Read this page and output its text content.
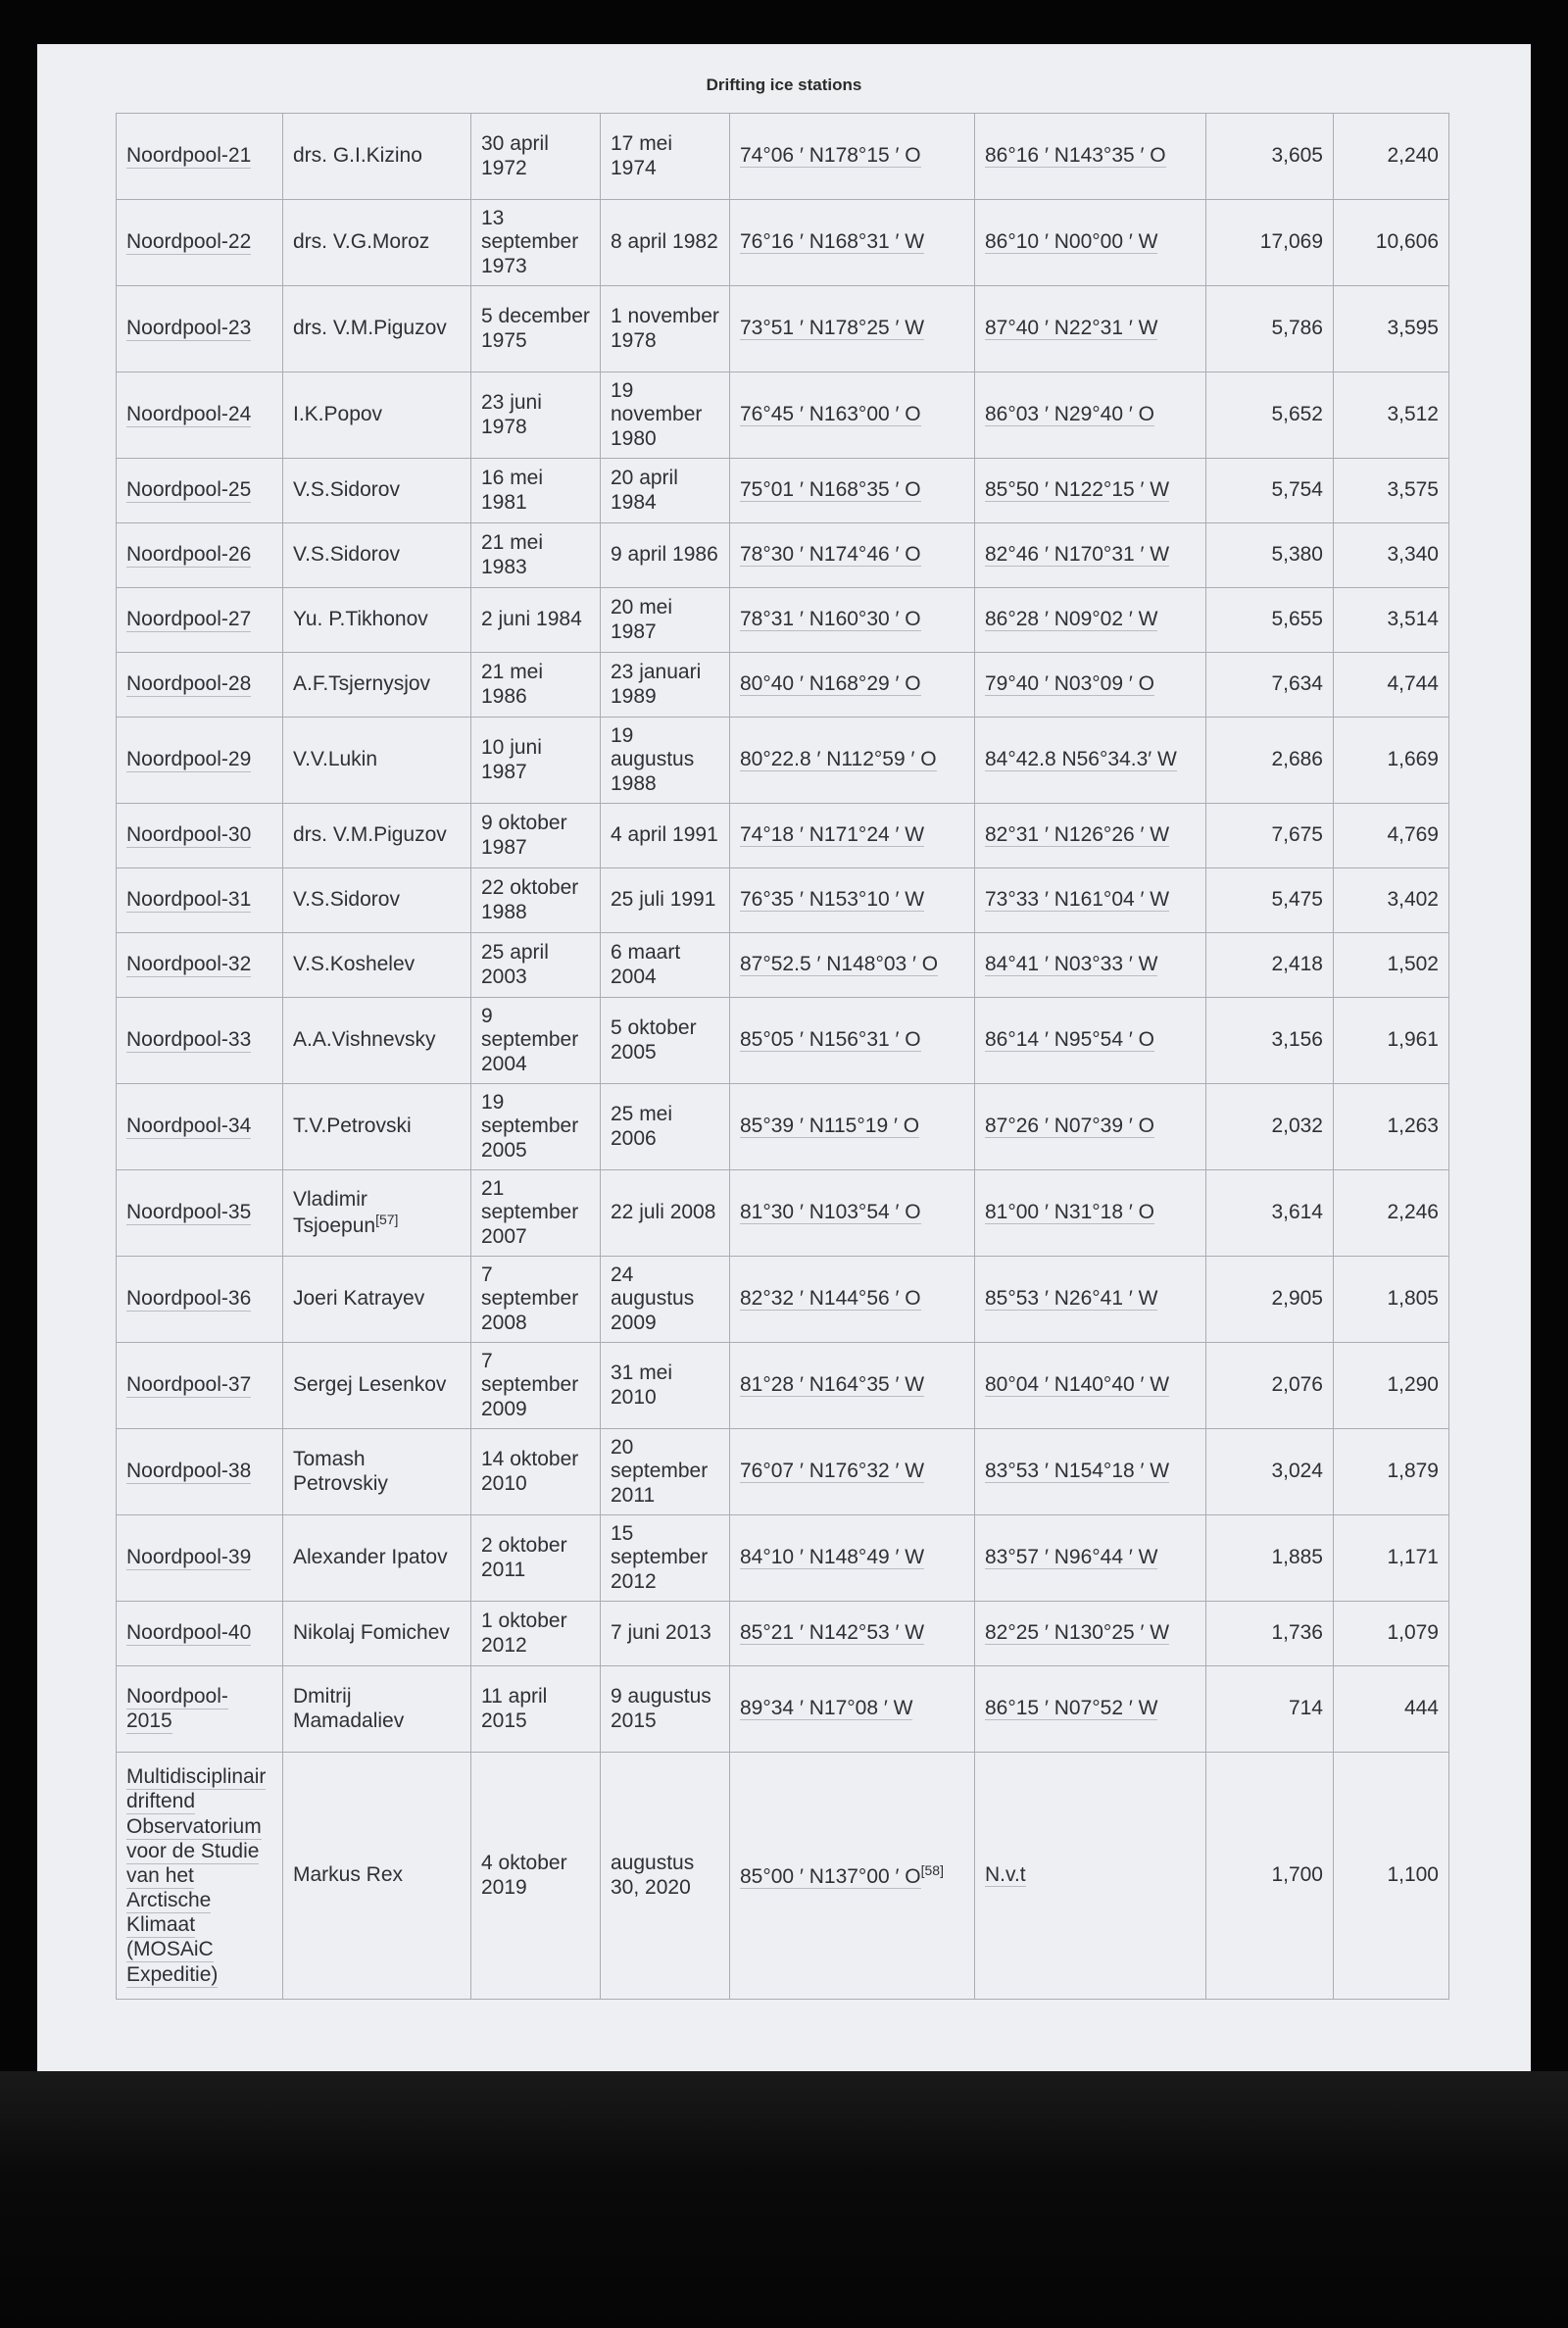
Drifting ice stations
Noordpool-21	drs. G.I.Kizino	30 april 1972	17 mei 1974	74°06 ′ N178°15 ′ O	86°16 ′ N143°35 ′ O	3,605	2,240
Noordpool-22	drs. V.G.Moroz	13 september 1973	8 april 1982	76°16 ′ N168°31 ′ W	86°10 ′ N00°00 ′ W	17,069	10,606
Noordpool-23	drs. V.M.Piguzov	5 december 1975	1 november 1978	73°51 ′ N178°25 ′ W	87°40 ′ N22°31 ′ W	5,786	3,595
Noordpool-24	I.K.Popov	23 juni 1978	19 november 1980	76°45 ′ N163°00 ′ O	86°03 ′ N29°40 ′ O	5,652	3,512
Noordpool-25	V.S.Sidorov	16 mei 1981	20 april 1984	75°01 ′ N168°35 ′ O	85°50 ′ N122°15 ′ W	5,754	3,575
Noordpool-26	V.S.Sidorov	21 mei 1983	9 april 1986	78°30 ′ N174°46 ′ O	82°46 ′ N170°31 ′ W	5,380	3,340
Noordpool-27	Yu. P.Tikhonov	2 juni 1984	20 mei 1987	78°31 ′ N160°30 ′ O	86°28 ′ N09°02 ′ W	5,655	3,514
Noordpool-28	A.F.Tsjernysjov	21 mei 1986	23 januari 1989	80°40 ′ N168°29 ′ O	79°40 ′ N03°09 ′ O	7,634	4,744
Noordpool-29	V.V.Lukin	10 juni 1987	19 augustus 1988	80°22.8 ′ N112°59 ′ O	84°42.8 N56°34.3′ W	2,686	1,669
Noordpool-30	drs. V.M.Piguzov	9 oktober 1987	4 april 1991	74°18 ′ N171°24 ′ W	82°31 ′ N126°26 ′ W	7,675	4,769
Noordpool-31	V.S.Sidorov	22 oktober 1988	25 juli 1991	76°35 ′ N153°10 ′ W	73°33 ′ N161°04 ′ W	5,475	3,402
Noordpool-32	V.S.Koshelev	25 april 2003	6 maart 2004	87°52.5 ′ N148°03 ′ O	84°41 ′ N03°33 ′ W	2,418	1,502
Noordpool-33	A.A.Vishnevsky	9 september 2004	5 oktober 2005	85°05 ′ N156°31 ′ O	86°14 ′ N95°54 ′ O	3,156	1,961
Noordpool-34	T.V.Petrovski	19 september 2005	25 mei 2006	85°39 ′ N115°19 ′ O	87°26 ′ N07°39 ′ O	2,032	1,263
Noordpool-35	Vladimir Tsjoepun[57]	21 september 2007	22 juli 2008	81°30 ′ N103°54 ′ O	81°00 ′ N31°18 ′ O	3,614	2,246
Noordpool-36	Joeri Katrayev	7 september 2008	24 augustus 2009	82°32 ′ N144°56 ′ O	85°53 ′ N26°41 ′ W	2,905	1,805
Noordpool-37	Sergej Lesenkov	7 september 2009	31 mei 2010	81°28 ′ N164°35 ′ W	80°04 ′ N140°40 ′ W	2,076	1,290
Noordpool-38	Tomash Petrovskiy	14 oktober 2010	20 september 2011	76°07 ′ N176°32 ′ W	83°53 ′ N154°18 ′ W	3,024	1,879
Noordpool-39	Alexander Ipatov	2 oktober 2011	15 september 2012	84°10 ′ N148°49 ′ W	83°57 ′ N96°44 ′ W	1,885	1,171
Noordpool-40	Nikolaj Fomichev	1 oktober 2012	7 juni 2013	85°21 ′ N142°53 ′ W	82°25 ′ N130°25 ′ W	1,736	1,079
Noordpool-2015	Dmitrij Mamadaliev	11 april 2015	9 augustus 2015	89°34 ′ N17°08 ′ W	86°15 ′ N07°52 ′ W	714	444
Multidisciplinair driftend Observatorium voor de Studie van het Arctische Klimaat (MOSAiC Expeditie)	Markus Rex	4 oktober 2019	augustus 30, 2020	85°00 ′ N137°00 ′ O[58]	N.v.t	1,700	1,100
